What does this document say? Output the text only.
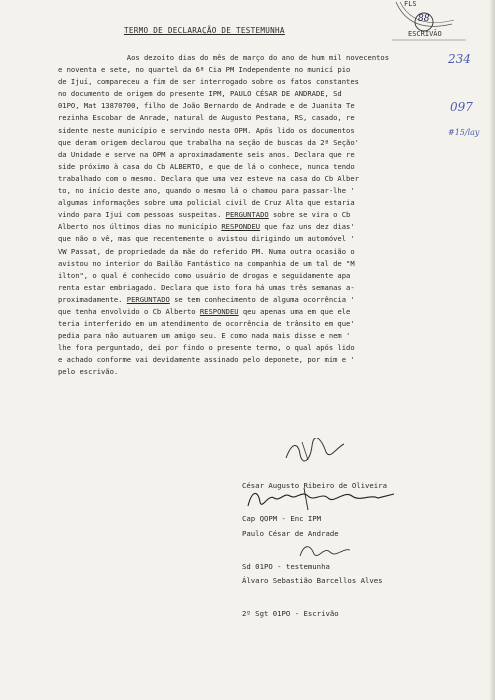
FLS
88
ESCRIVÃO
234
097
#15/lay
TERMO DE DECLARAÇÃO DE TESTEMUNHA
Aos dezoito dias do mês de março do ano de hum mil novecentos
e noventa e sete, no quartel da 6ª Cia PM Independente no municí pio
de Ijuí, compareceu a fim de ser interrogado sobre os fatos constantes
no documento de origem do presente IPM, PAULO CÉSAR DE ANDRADE, Sd
01PO, Mat 13870700, filho de João Bernardo de Andrade e de Juanita Te
rezinha Escobar de Anrade, natural de Augusto Pestana, RS, casado, re
sidente neste município e servindo nesta OPM. Após lido os documentos
que deram origem declarou que trabalha na seção de buscas da 2ª Seção'
da Unidade e serve na OPM a aproximadamente seis anos. Declara que re
side próximo à casa do Cb ALBERTO, e que de lá o conhece, nunca tendo
trabalhado com o mesmo. Declara que uma vez esteve na casa do Cb Alber
to, no início deste ano, quando o mesmo lá o chamou para passar-lhe '
algumas informações sobre uma policial civil de Cruz Alta que estaria
vindo para Ijuí com pessoas suspeitas. PERGUNTADO sobre se vira o Cb
Alberto nos últimos dias no município RESPONDEU que faz uns dez dias'
que não o vê, mas que recentemente o avistou dirigindo um automóvel '
VW Passat, de propriedade da mãe do referido PM. Numa outra ocasião o
avistou no interior do Bailão Fantástico na companhia de um tal de "M
ilton", o qual é conhecido como usuário de drogas e seguidamente apa
renta estar embriagado. Declara que isto fora há umas três semanas a-
proximadamente. PERGUNTADO se tem conhecimento de alguma ocorrência '
que tenha envolvido o Cb Alberto RESPONDEU qeu apenas uma em que ele
teria interferido em um atendimento de ocorrência de trânsito em que'
pedia para não autuarem um amigo seu. E como nada mais disse e nem '
lhe fora perguntado, dei por findo o presente termo, o qual após lido
e achado conforme vai devidamente assinado pelo deponete, por mim e '
pelo escrivão.

César Augusto Ribeiro de Oliveira

Cap QOPM - Enc IPM

Paulo César de Andrade

Sd 01PO - testemunha

Álvaro Sebastião Barcellos Alves

2º Sgt 01PO - Escrivão
